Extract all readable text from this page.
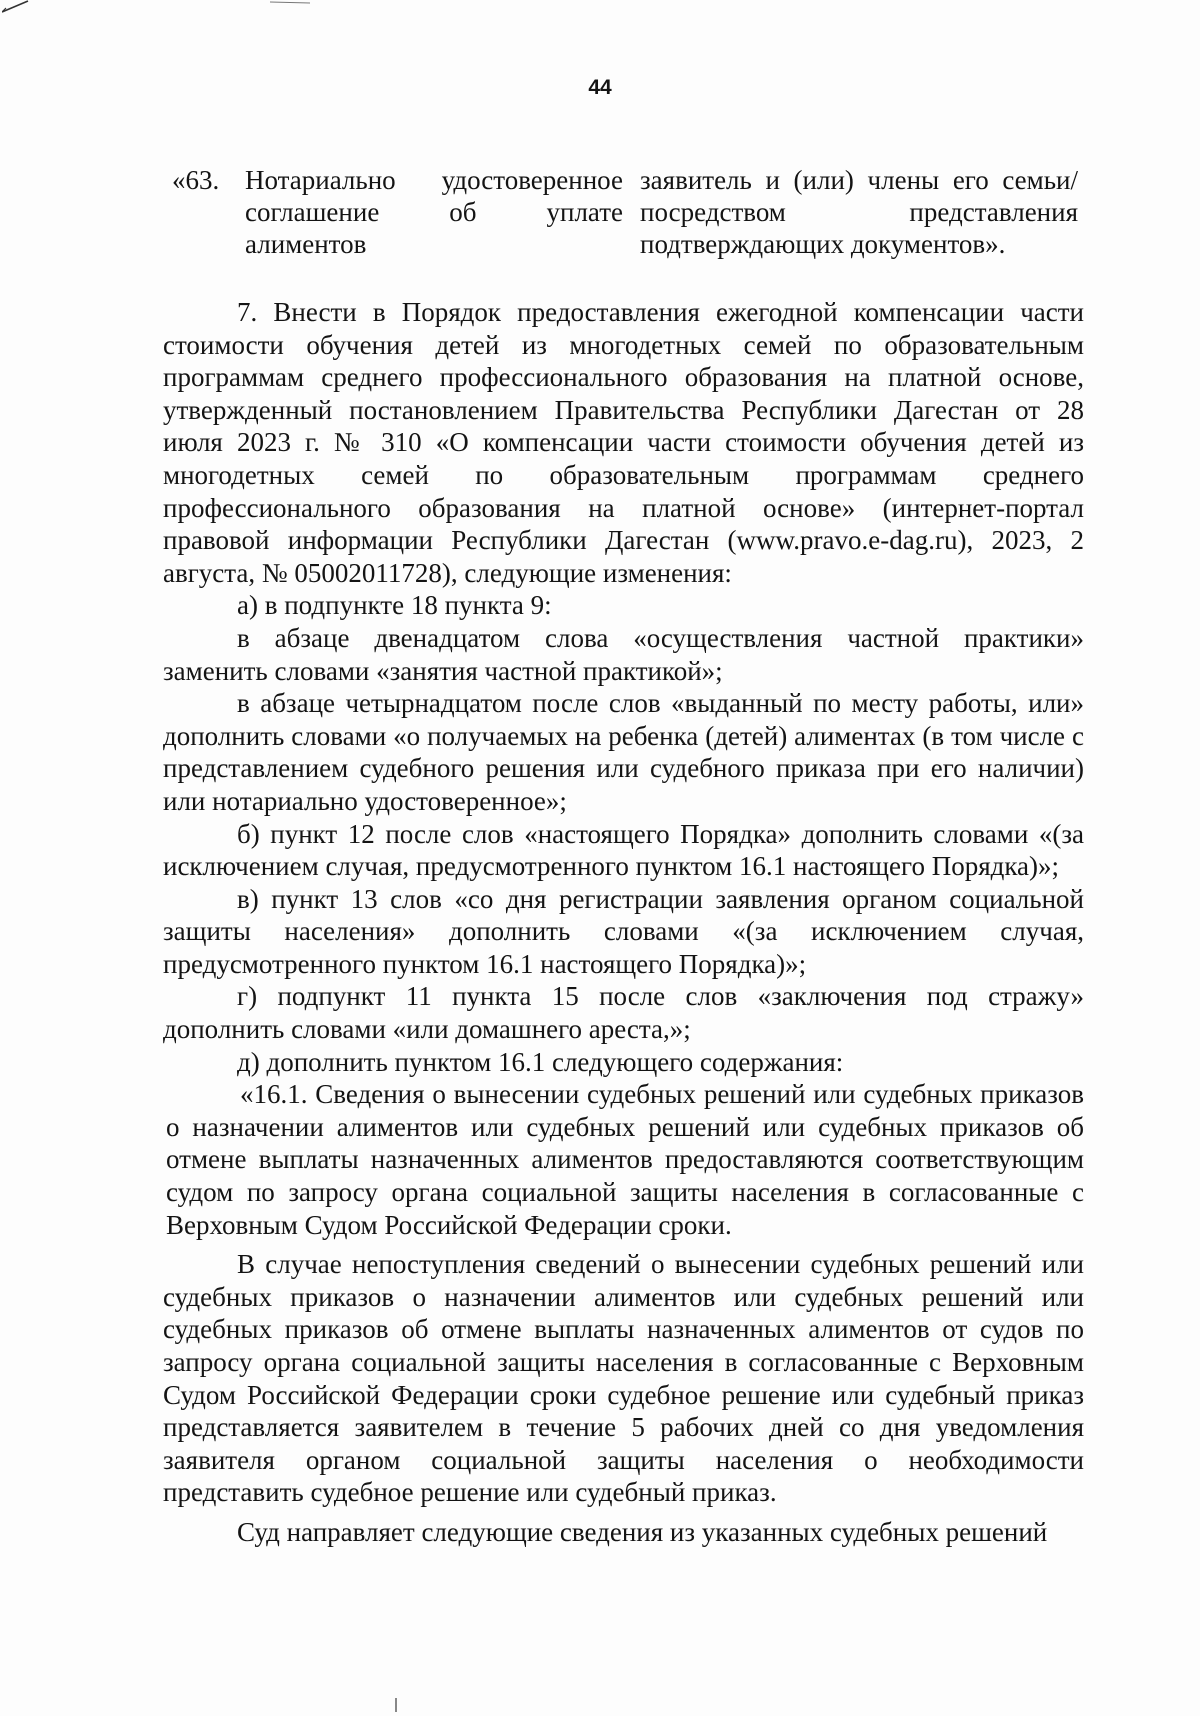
44
«63. Нотариально удостоверенное соглашение об уплате алиментов
заявитель и (или) члены его семьи/посредством представления подтверждающих документов».

7. Внести в Порядок предоставления ежегодной компенсации части стоимости обучения детей из многодетных семей по образовательным программам среднего профессионального образования на платной основе, утвержденный постановлением Правительства Республики Дагестан от 28 июля 2023 г. № 310 «О компенсации части стоимости обучения детей из многодетных семей по образовательным программам среднего профессионального образования на платной основе» (интернет-портал правовой информации Республики Дагестан (www.pravo.e-dag.ru), 2023, 2 августа, № 05002011728), следующие изменения:

а) в подпункте 18 пункта 9:

в абзаце двенадцатом слова «осуществления частной практики» заменить словами «занятия частной практикой»;

в абзаце четырнадцатом после слов «выданный по месту работы, или» дополнить словами «о получаемых на ребенка (детей) алиментах (в том числе с представлением судебного решения или судебного приказа при его наличии) или нотариально удостоверенное»;

б) пункт 12 после слов «настоящего Порядка» дополнить словами «(за исключением случая, предусмотренного пунктом 16.1 настоящего Порядка)»;

в) пункт 13 слов «со дня регистрации заявления органом социальной защиты населения» дополнить словами «(за исключением случая, предусмотренного пунктом 16.1 настоящего Порядка)»;

г) подпункт 11 пункта 15 после слов «заключения под стражу» дополнить словами «или домашнего ареста,»;

д) дополнить пунктом 16.1 следующего содержания:

«16.1. Сведения о вынесении судебных решений или судебных приказов о назначении алиментов или судебных решений или судебных приказов об отмене выплаты назначенных алиментов предоставляются соответствующим судом по запросу органа социальной защиты населения в согласованные с Верховным Судом Российской Федерации сроки.

В случае непоступления сведений о вынесении судебных решений или судебных приказов о назначении алиментов или судебных решений или судебных приказов об отмене выплаты назначенных алиментов от судов по запросу органа социальной защиты населения в согласованные с Верховным Судом Российской Федерации сроки судебное решение или судебный приказ представляется заявителем в течение 5 рабочих дней со дня уведомления заявителя органом социальной защиты населения о необходимости представить судебное решение или судебный приказ.

Суд направляет следующие сведения из указанных судебных решений
